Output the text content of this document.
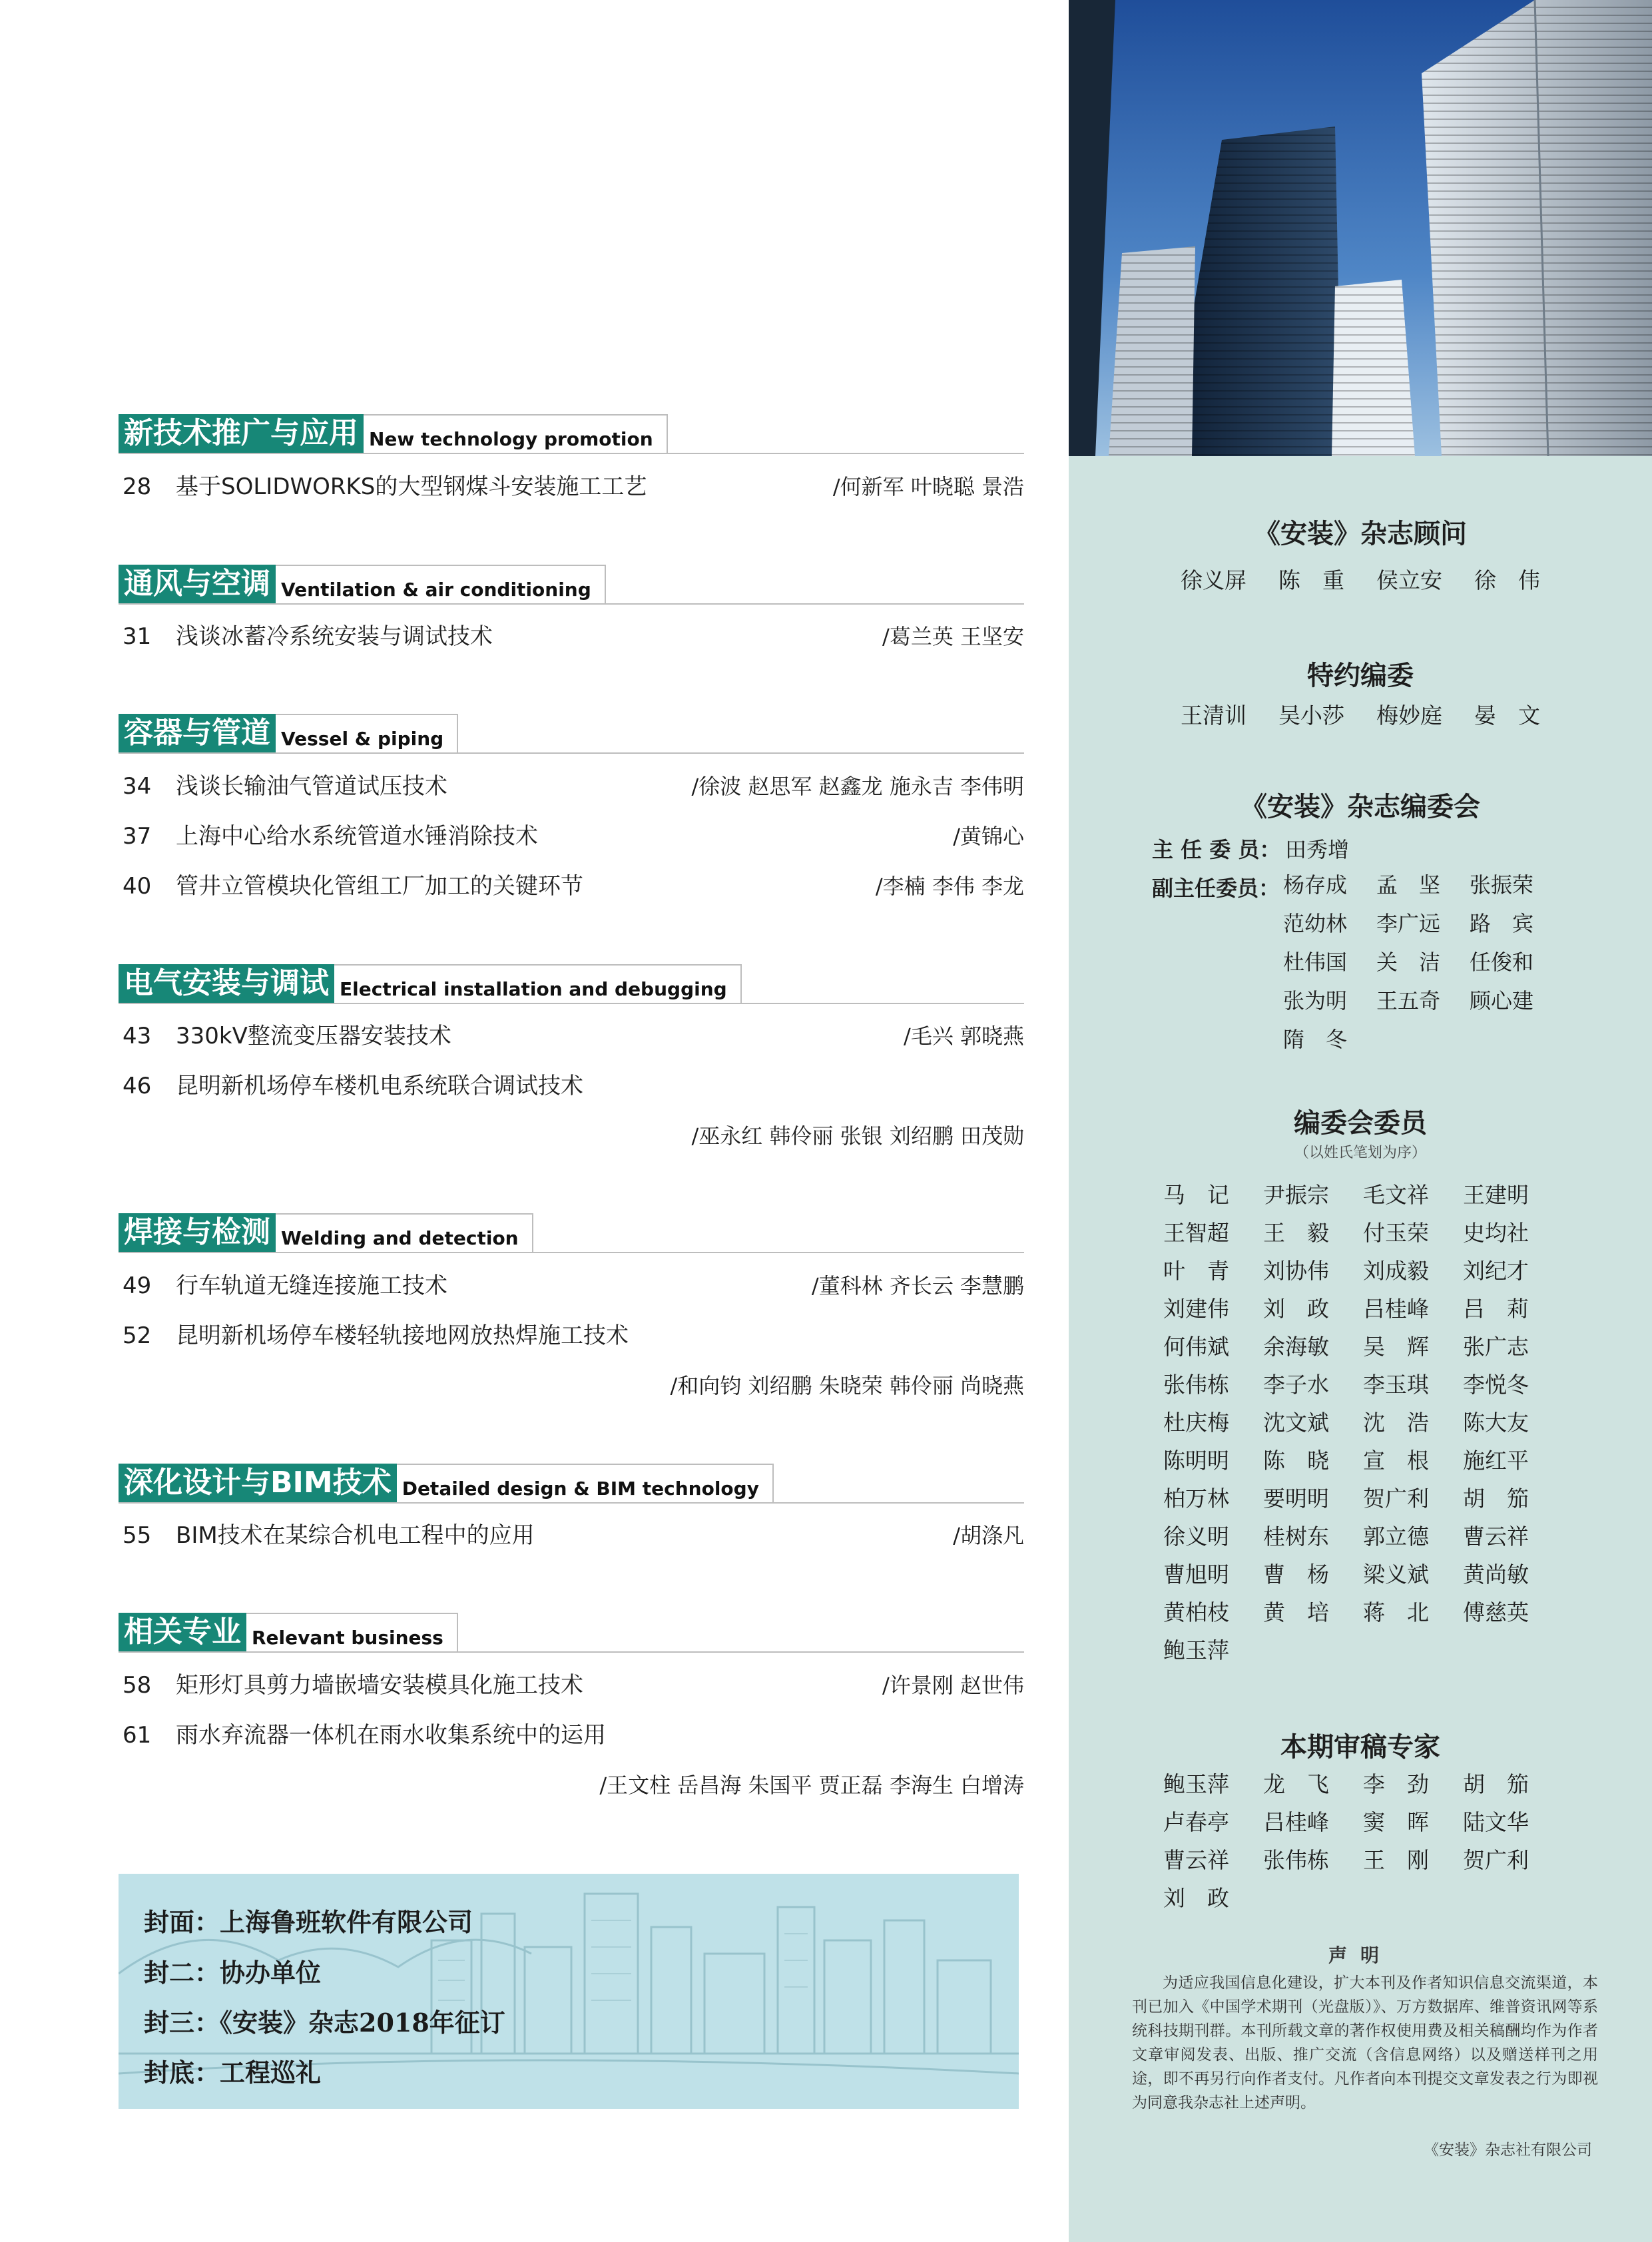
新技术推广与应用 New technology promotion
28 基于SOLIDWORKS的大型钢煤斗安装施工工艺	/何新军 叶晓聪 景浩
通风与空调 Ventilation & air conditioning
31 浅谈冰蓄冷系统安装与调试技术	/葛兰英 王坚安
容器与管道 Vessel & piping
34 浅谈长输油气管道试压技术	/徐波 赵思军 赵鑫龙 施永吉 李伟明
37 上海中心给水系统管道水锤消除技术	/黄锦心
40 管井立管模块化管组工厂加工的关键环节	/李楠 李伟 李龙
电气安装与调试 Electrical installation and debugging
43 330kV整流变压器安装技术	/毛兴 郭晓燕
46 昆明新机场停车楼机电系统联合调试技术
/巫永红 韩伶丽 张银 刘绍鹏 田茂勋
焊接与检测 Welding and detection
49 行车轨道无缝连接施工技术	/董科林 齐长云 李慧鹏
52 昆明新机场停车楼轻轨接地网放热焊施工技术
/和向钧 刘绍鹏 朱晓荣 韩伶丽 尚晓燕
深化设计与BIM技术 Detailed design & BIM technology
55 BIM技术在某综合机电工程中的应用	/胡涤凡
相关专业 Relevant business
58 矩形灯具剪力墙嵌墙安装模具化施工技术	/许景刚 赵世伟
61 雨水弃流器一体机在雨水收集系统中的运用
/王文柱 岳昌海 朱国平 贾正磊 李海生 白增涛
封面：上海鲁班软件有限公司
封二：协办单位
封三：《安装》杂志2018年征订
封底：工程巡礼
《安装》杂志顾问
徐义屏 陈　重 侯立安 徐　伟
特约编委
王清训 吴小莎 梅妙庭 晏　文
《安装》杂志编委会
主 任 委 员： 田秀增
副主任委员： 杨存成	孟　坚	张振荣
范幼林	李广远	路　宾
杜伟国	关　洁	任俊和
张为明	王五奇	顾心建
隋　冬
编委会委员
（以姓氏笔划为序）
马　记	尹振宗	毛文祥	王建明
王智超	王　毅	付玉荣	史均社
叶　青	刘协伟	刘成毅	刘纪才
刘建伟	刘　政	吕桂峰	吕　莉
何伟斌	余海敏	吴　辉	张广志
张伟栋	李子水	李玉琪	李悦冬
杜庆梅	沈文斌	沈　浩	陈大友
陈明明	陈　晓	宣　根	施红平
柏万林	要明明	贺广利	胡　笳
徐义明	桂树东	郭立德	曹云祥
曹旭明	曹　杨	梁义斌	黄尚敏
黄柏枝	黄　培	蒋　北	傅慈英
鲍玉萍
本期审稿专家
鲍玉萍	龙　飞	李　劲	胡　笳
卢春亭	吕桂峰	窦　晖	陆文华
曹云祥	张伟栋	王　刚	贺广利
刘　政
声明
为适应我国信息化建设，扩大本刊及作者知识信息交流渠道，本刊已加入《中国学术期刊（光盘版）》、万方数据库、维普资讯网等系统科技期刊群。本刊所载文章的著作权使用费及相关稿酬均作为作者文章审阅发表、出版、推广交流（含信息网络）以及赠送样刊之用途，即不再另行向作者支付。凡作者向本刊提交文章发表之行为即视为同意我杂志社上述声明。
《安装》杂志社有限公司
